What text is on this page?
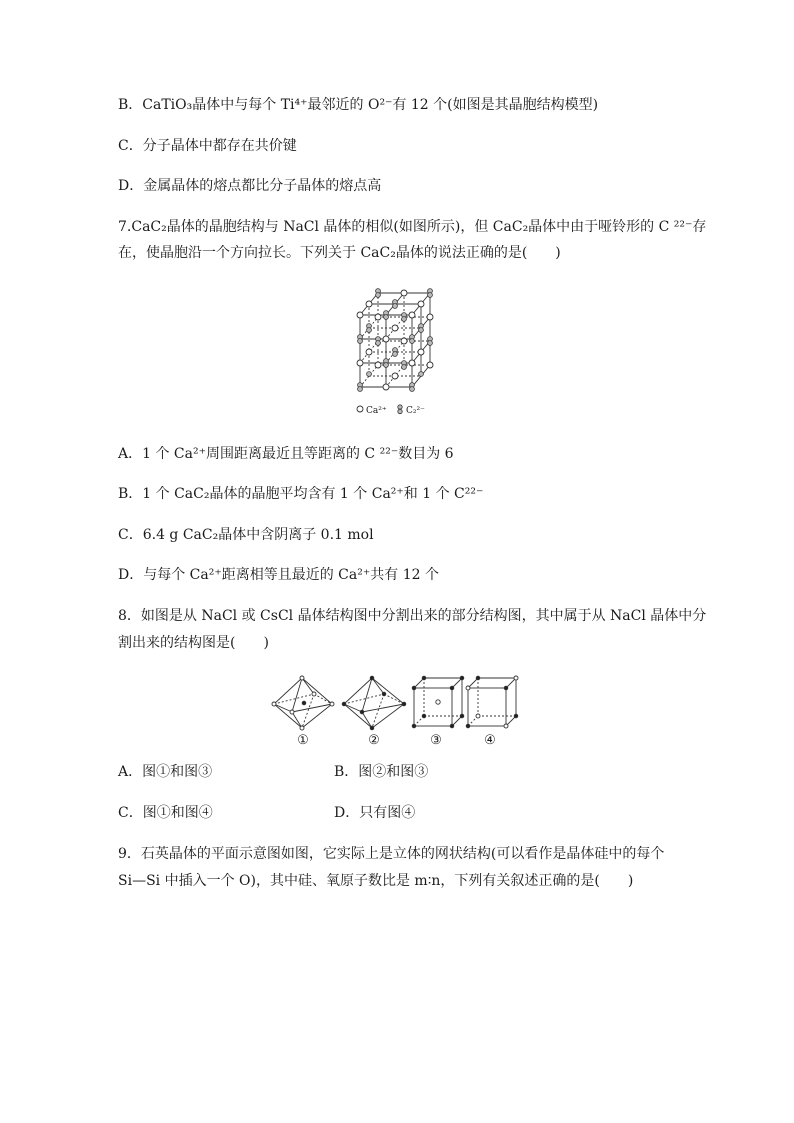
B．CaTiO₃晶体中与每个 Ti⁴⁺最邻近的 O²⁻有 12 个(如图是其晶胞结构模型)
C．分子晶体中都存在共价键
D．金属晶体的熔点都比分子晶体的熔点高
7.CaC₂晶体的晶胞结构与 NaCl 晶体的相似(如图所示)，但 CaC₂晶体中由于哑铃形的 C ²²⁻存
在，使晶胞沿一个方向拉长。下列关于 CaC₂晶体的说法正确的是(　　)
Ca²⁺ C₂²⁻
A．1 个 Ca²⁺周围距离最近且等距离的 C ²²⁻数目为 6
B．1 个 CaC₂晶体的晶胞平均含有 1 个 Ca²⁺和 1 个 C²²⁻
C．6.4 g CaC₂晶体中含阴离子 0.1 mol
D．与每个 Ca²⁺距离相等且最近的 Ca²⁺共有 12 个
8．如图是从 NaCl 或 CsCl 晶体结构图中分割出来的部分结构图，其中属于从 NaCl 晶体中分
割出来的结构图是(　　)
①	②	③	④
A．图①和图③	B．图②和图③
C．图①和图④	D．只有图④
9．石英晶体的平面示意图如图，它实际上是立体的网状结构(可以看作是晶体硅中的每个
Si—Si 中插入一个 O)，其中硅、氧原子数比是 m∶n，下列有关叙述正确的是(　　)
